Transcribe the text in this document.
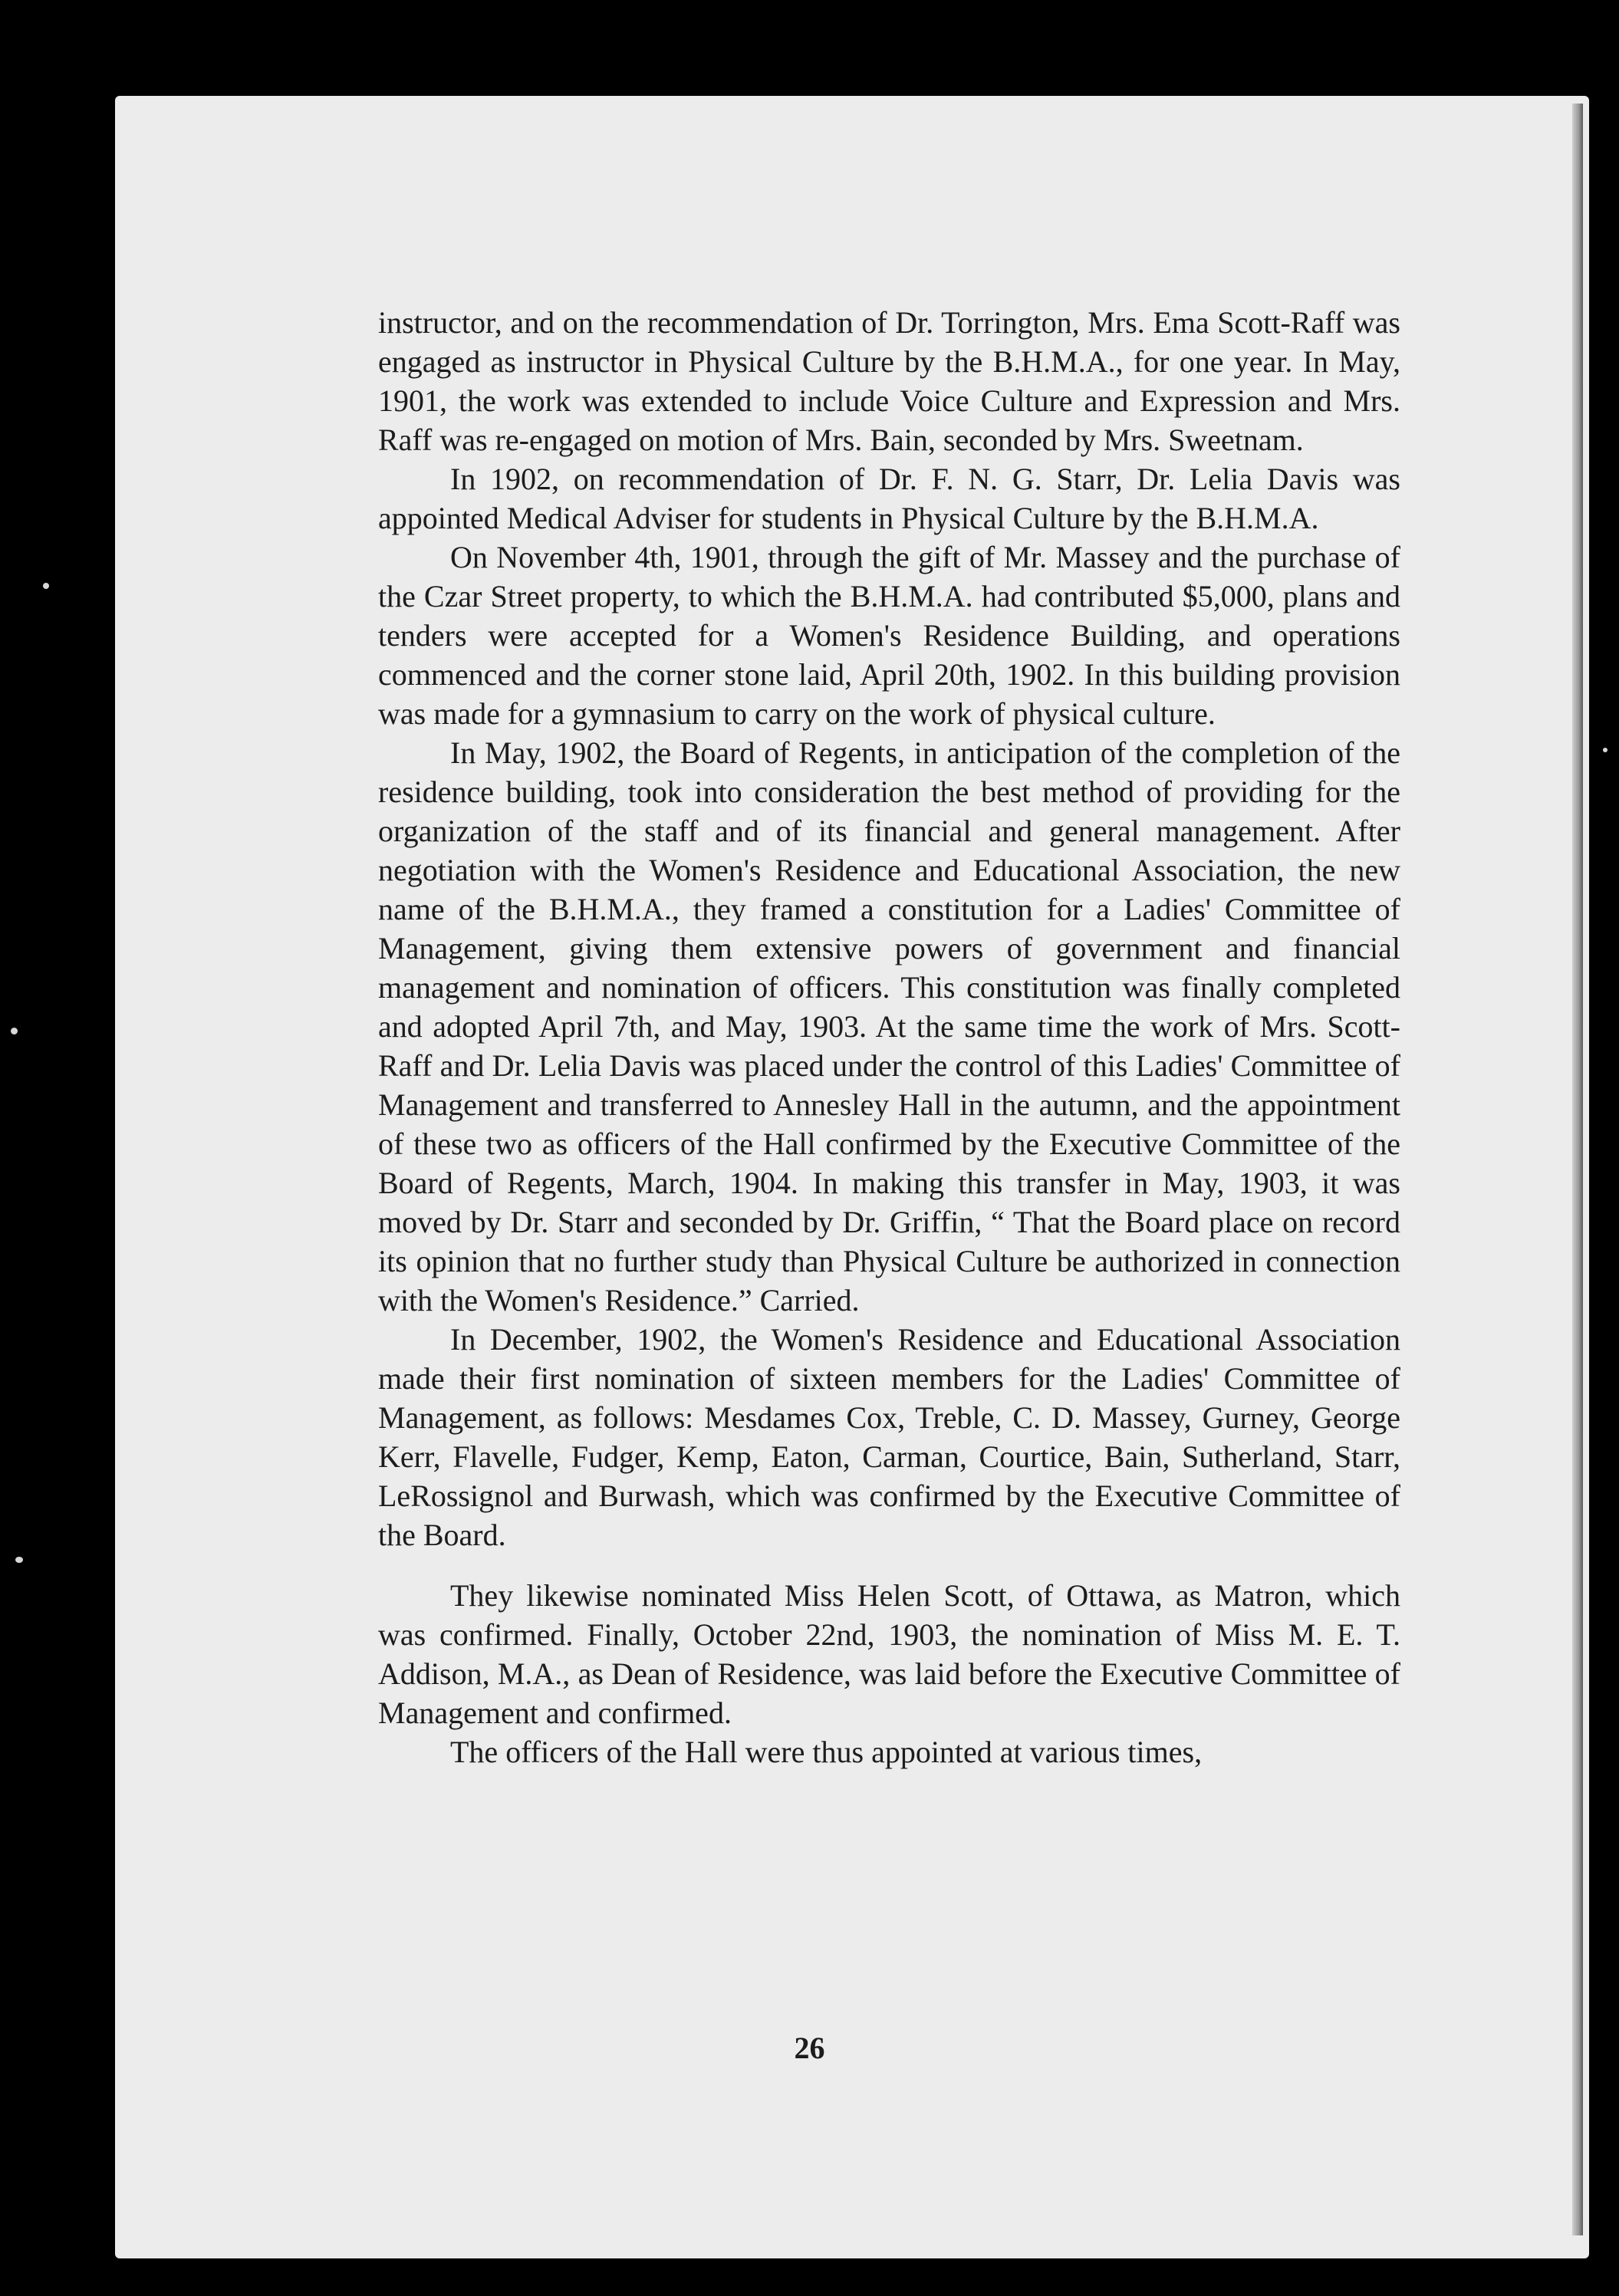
instructor, and on the recommendation of Dr. Torrington, Mrs. Ema Scott-Raff was engaged as instructor in Physical Culture by the B.H.M.A., for one year. In May, 1901, the work was extended to include Voice Culture and Expression and Mrs. Raff was re-engaged on motion of Mrs. Bain, seconded by Mrs. Sweetnam.

In 1902, on recommendation of Dr. F. N. G. Starr, Dr. Lelia Davis was appointed Medical Adviser for students in Physical Culture by the B.H.M.A.

On November 4th, 1901, through the gift of Mr. Massey and the purchase of the Czar Street property, to which the B.H.M.A. had contributed $5,000, plans and tenders were accepted for a Women's Residence Building, and operations commenced and the corner stone laid, April 20th, 1902. In this building provision was made for a gymnasium to carry on the work of physical culture.

In May, 1902, the Board of Regents, in anticipation of the completion of the residence building, took into consideration the best method of providing for the organization of the staff and of its financial and general management. After negotiation with the Women's Residence and Educational Association, the new name of the B.H.M.A., they framed a constitution for a Ladies' Committee of Management, giving them extensive powers of government and financial management and nomination of officers. This constitution was finally completed and adopted April 7th, and May, 1903. At the same time the work of Mrs. Scott-Raff and Dr. Lelia Davis was placed under the control of this Ladies' Committee of Management and transferred to Annesley Hall in the autumn, and the appointment of these two as officers of the Hall confirmed by the Executive Committee of the Board of Regents, March, 1904. In making this transfer in May, 1903, it was moved by Dr. Starr and seconded by Dr. Griffin, “ That the Board place on record its opinion that no further study than Physical Culture be authorized in connection with the Women's Residence.” Carried.

In December, 1902, the Women's Residence and Educational Association made their first nomination of sixteen members for the Ladies' Committee of Management, as follows: Mesdames Cox, Treble, C. D. Massey, Gurney, George Kerr, Flavelle, Fudger, Kemp, Eaton, Carman, Courtice, Bain, Sutherland, Starr, LeRossignol and Burwash, which was confirmed by the Executive Committee of the Board.

They likewise nominated Miss Helen Scott, of Ottawa, as Matron, which was confirmed. Finally, October 22nd, 1903, the nomination of Miss M. E. T. Addison, M.A., as Dean of Residence, was laid before the Executive Committee of Management and confirmed.

The officers of the Hall were thus appointed at various times,

26
